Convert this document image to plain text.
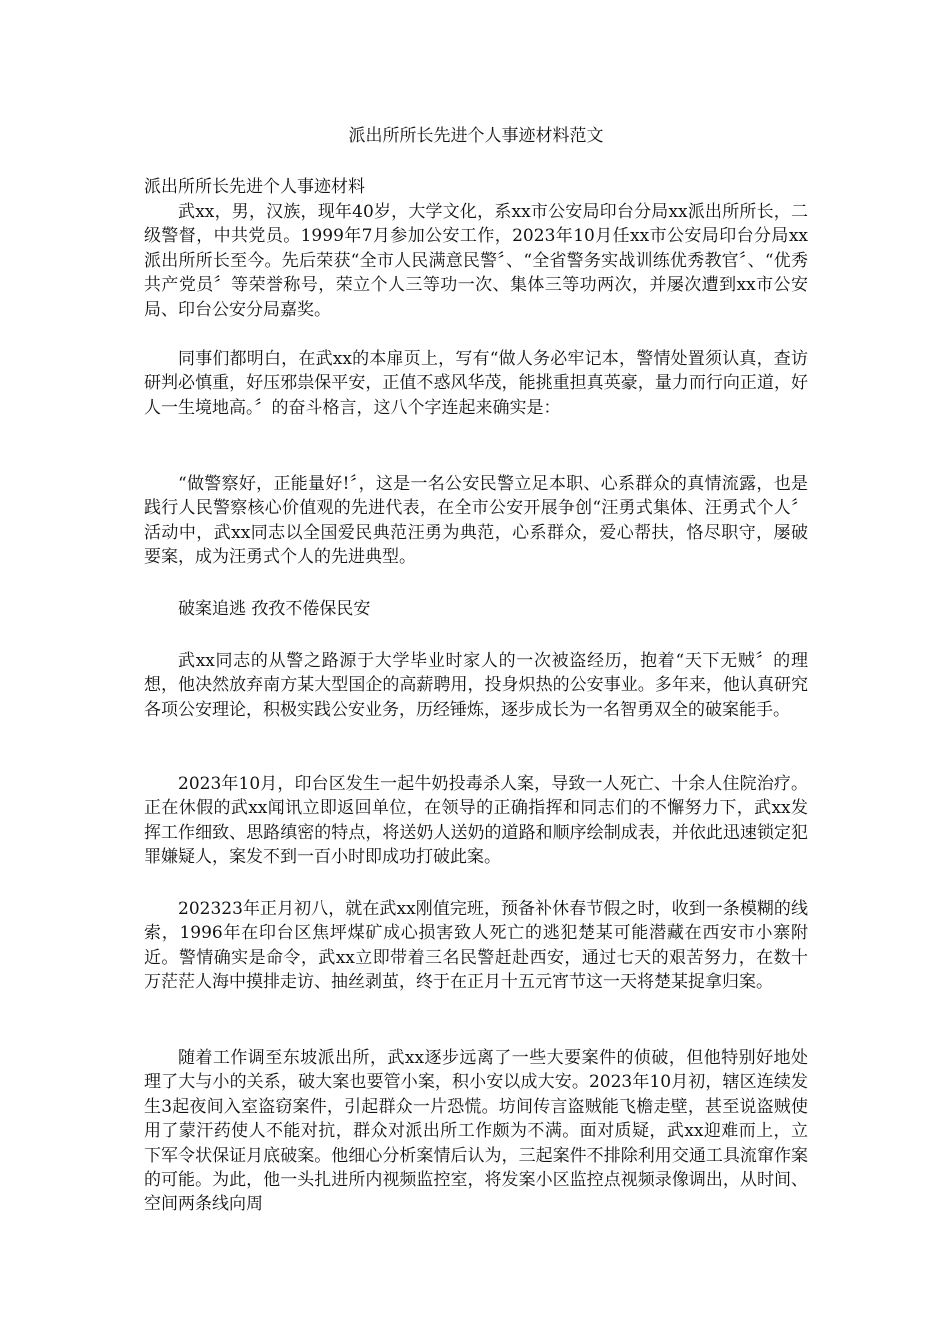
派出所所长先进个人事迹材料范文
派出所所长先进个人事迹材料

武xx，男，汉族，现年40岁，大学文化，系xx市公安局印台分局xx派出所所长，二级警督，中共党员。1999年7月参加公安工作，2023年10月任xx市公安局印台分局xx派出所所长至今。先后荣获“全市人民满意民警〞、“全省警务实战训练优秀教官〞、“优秀共产党员〞等荣誉称号，荣立个人三等功一次、集体三等功两次，并屡次遭到xx市公安局、印台公安分局嘉奖。

同事们都明白，在武xx的本扉页上，写有“做人务必牢记本，警情处置须认真，查访研判必慎重，好压邪祟保平安，正值不惑风华茂，能挑重担真英豪，量力而行向正道，好人一生境地高。〞的奋斗格言，这八个字连起来确实是：

“做警察好，正能量好!〞，这是一名公安民警立足本职、心系群众的真情流露，也是践行人民警察核心价值观的先进代表，在全市公安开展争创“汪勇式集体、汪勇式个人〞活动中，武xx同志以全国爱民典范汪勇为典范，心系群众，爱心帮扶，恪尽职守，屡破要案，成为汪勇式个人的先进典型。

破案追逃 孜孜不倦保民安

武xx同志的从警之路源于大学毕业时家人的一次被盗经历，抱着“天下无贼〞的理想，他决然放弃南方某大型国企的高薪聘用，投身炽热的公安事业。多年来，他认真研究各项公安理论，积极实践公安业务，历经锤炼，逐步成长为一名智勇双全的破案能手。

2023年10月，印台区发生一起牛奶投毒杀人案，导致一人死亡、十余人住院治疗。正在休假的武xx闻讯立即返回单位，在领导的正确指挥和同志们的不懈努力下，武xx发挥工作细致、思路缜密的特点，将送奶人送奶的道路和顺序绘制成表，并依此迅速锁定犯罪嫌疑人，案发不到一百小时即成功打破此案。

202323年正月初八，就在武xx刚值完班，预备补休春节假之时，收到一条模糊的线索，1996年在印台区焦坪煤矿成心损害致人死亡的逃犯楚某可能潜藏在西安市小寨附近。警情确实是命令，武xx立即带着三名民警赶赴西安，通过七天的艰苦努力，在数十万茫茫人海中摸排走访、抽丝剥茧，终于在正月十五元宵节这一天将楚某捉拿归案。

随着工作调至东坡派出所，武xx逐步远离了一些大要案件的侦破，但他特别好地处理了大与小的关系，破大案也要管小案，积小安以成大安。2023年10月初，辖区连续发生3起夜间入室盗窃案件，引起群众一片恐慌。坊间传言盗贼能飞檐走壁，甚至说盗贼使用了蒙汗药使人不能对抗，群众对派出所工作颇为不满。面对质疑，武xx迎难而上，立下军令状保证月底破案。他细心分析案情后认为，三起案件不排除利用交通工具流窜作案的可能。为此，他一头扎进所内视频监控室，将发案小区监控点视频录像调出，从时间、空间两条线向周
